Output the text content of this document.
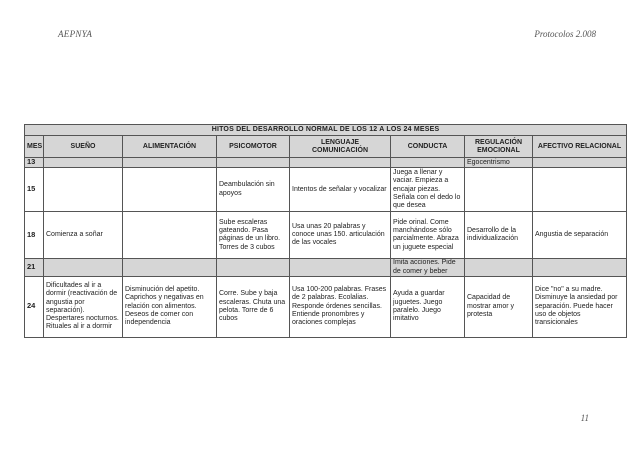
AEPNYA	Protocolos 2.008
HITOS DEL DESARROLLO NORMAL DE LOS 12 A LOS 24 MESES							
MES	SUEÑO	ALIMENTACIÓN	PSICOMOTOR	LENGUAJE COMUNICACIÓN	CONDUCTA	REGULACIÓN EMOCIONAL	AFECTIVO RELACIONAL
13						Egocentrismo	
15			Deambulación sin apoyos	Intentos de señalar y vocalizar	Juega a llenar y vaciar. Empieza a encajar piezas. Señala con el dedo lo que desea		
18	Comienza a soñar		Sube escaleras gateando. Pasa páginas de un libro. Torres de 3 cubos	Usa unas 20 palabras y conoce unas 150. articulación de las vocales	Pide orinal. Come manchándose sólo parcialmente. Abraza un juguete especial	Desarrollo de la individualización	Angustia de separación
21					Imita acciones. Pide de comer y beber		
24	Dificultades al ir a dormir (reactivación de angustia por separación). Despertares nocturnos. Rituales al ir a dormir	Disminución del apetito. Caprichos y negativas en relación con alimentos. Deseos de comer con independencia	Corre. Sube y baja escaleras. Chuta una pelota. Torre de 6 cubos	Usa 100-200 palabras. Frases de 2 palabras. Ecolalias. Responde órdenes sencillas. Entiende pronombres y oraciones complejas	Ayuda a guardar juguetes. Juego paralelo. Juego imitativo	Capacidad de mostrar amor y protesta	Dice "no" a su madre. Disminuye la ansiedad por separación. Puede hacer uso de objetos transicionales
11
